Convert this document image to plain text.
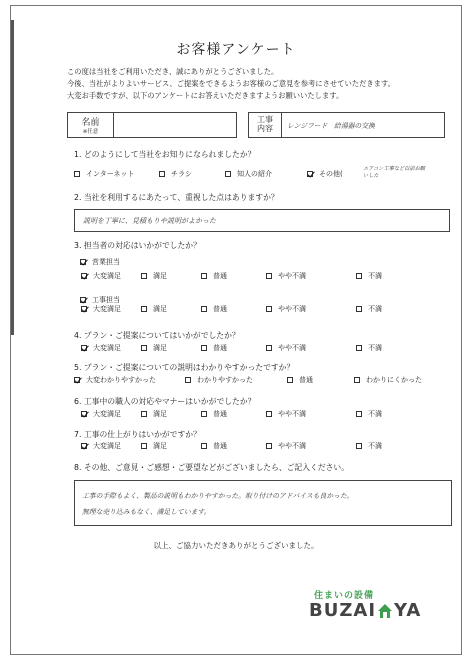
お客様アンケート
この度は当社をご利用いただき、誠にありがとうございました。
今後、当社がよりよいサービス、ご提案をできるようお客様のご意見を参考にさせていただきます。
大変お手数ですが、以下のアンケートにお答えいただきますようお願いいたします。
名前
※任意
工事
内容	レンジフード　給湯器の交換
1. どのようにして当社をお知りになられましたか？
インターネット	チラシ	知人の紹介	その他 (
エアコン工事など以前お願いした
2. 当社を利用するにあたって、重視した点はありますか？
説明を丁寧に、見積もりや説明がよかった
3. 担当者の対応はいかがでしたか？
営業担当
大変満足	満足	普通	やや不満	不満
工事担当
大変満足	満足	普通	やや不満	不満
4. プラン・ご提案についてはいかがでしたか？
大変満足	満足	普通	やや不満	不満
5. プラン・ご提案についての説明はわかりやすかったですか？
大変わかりやすかった	わかりやすかった	普通	わかりにくかった
6. 工事中の職人の対応やマナーはいかがでしたか？
大変満足	満足	普通	やや不満	不満
7. 工事の仕上がりはいかがですか？
大変満足	満足	普通	やや不満	不満
8. その他、ご意見・ご感想・ご要望などがございましたら、ご記入ください。
工事の手際もよく、製品の説明もわかりやすかった。取り付けのアドバイスも良かった。
無理な売り込みもなく、満足しています。
以上、ご協力いただきありがとうございました。
住まいの設備
BUZAI YA
